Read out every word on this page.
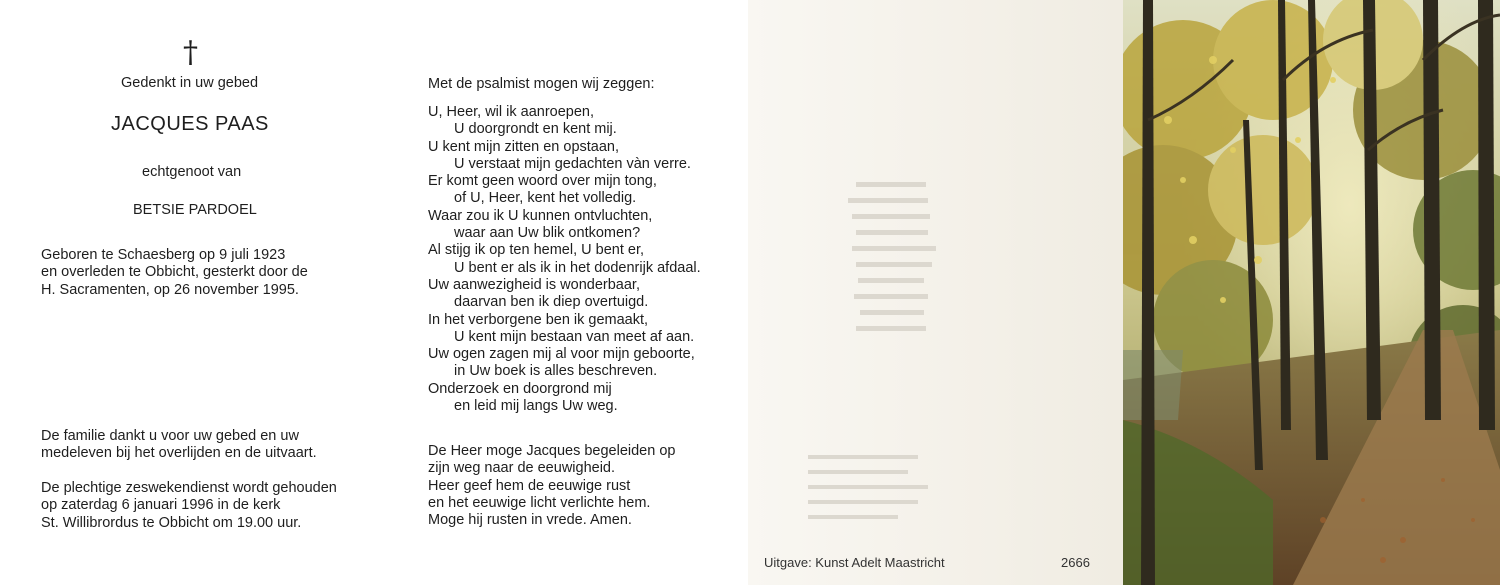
†
Gedenkt in uw gebed
JACQUES PAAS
echtgenoot van
BETSIE PARDOEL
Geboren te Schaesberg op 9 juli 1923
en overleden te Obbicht, gesterkt door de
H. Sacramenten, op 26 november 1995.
De familie dankt u voor uw gebed en uw
medeleven bij het overlijden en de uitvaart.
De plechtige zeswekendienst wordt gehouden
op zaterdag 6 januari 1996 in de kerk
St. Willibrordus te Obbicht om 19.00 uur.
Met de psalmist mogen wij zeggen:
U, Heer, wil ik aanroepen,
U doorgrondt en kent mij.
U kent mijn zitten en opstaan,
U verstaat mijn gedachten vàn verre.
Er komt geen woord over mijn tong,
of U, Heer, kent het volledig.
Waar zou ik U kunnen ontvluchten,
waar aan Uw blik ontkomen?
Al stijg ik op ten hemel, U bent er,
U bent er als ik in het dodenrijk afdaal.
Uw aanwezigheid is wonderbaar,
daarvan ben ik diep overtuigd.
In het verborgene ben ik gemaakt,
U kent mijn bestaan van meet af aan.
Uw ogen zagen mij al voor mijn geboorte,
in Uw boek is alles beschreven.
Onderzoek en doorgrond mij
en leid mij langs Uw weg.
De Heer moge Jacques begeleiden op
zijn weg naar de eeuwigheid.
Heer geef hem de eeuwige rust
en het eeuwige licht verlichte hem.
Moge hij rusten in vrede. Amen.
Uitgave: Kunst Adelt Maastricht	2666
